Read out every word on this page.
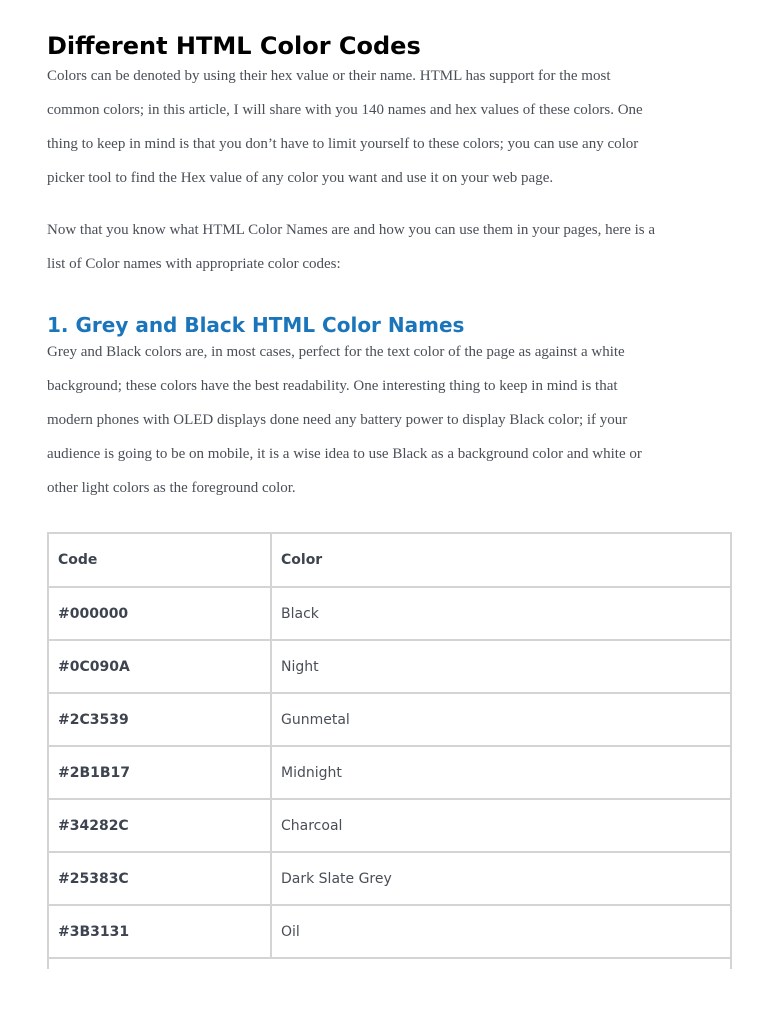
Different HTML Color Codes

Colors can be denoted by using their hex value or their name. HTML has support for the most
common colors; in this article, I will share with you 140 names and hex values of these colors. One
thing to keep in mind is that you don’t have to limit yourself to these colors; you can use any color
picker tool to find the Hex value of any color you want and use it on your web page.

Now that you know what HTML Color Names are and how you can use them in your pages, here is a
list of Color names with appropriate color codes:

1. Grey and Black HTML Color Names

Grey and Black colors are, in most cases, perfect for the text color of the page as against a white
background; these colors have the best readability. One interesting thing to keep in mind is that
modern phones with OLED displays done need any battery power to display Black color; if your
audience is going to be on mobile, it is a wise idea to use Black as a background color and white or
other light colors as the foreground color.

Code	Color
#000000	Black
#0C090A	Night
#2C3539	Gunmetal
#2B1B17	Midnight
#34282C	Charcoal
#25383C	Dark Slate Grey
#3B3131	Oil
